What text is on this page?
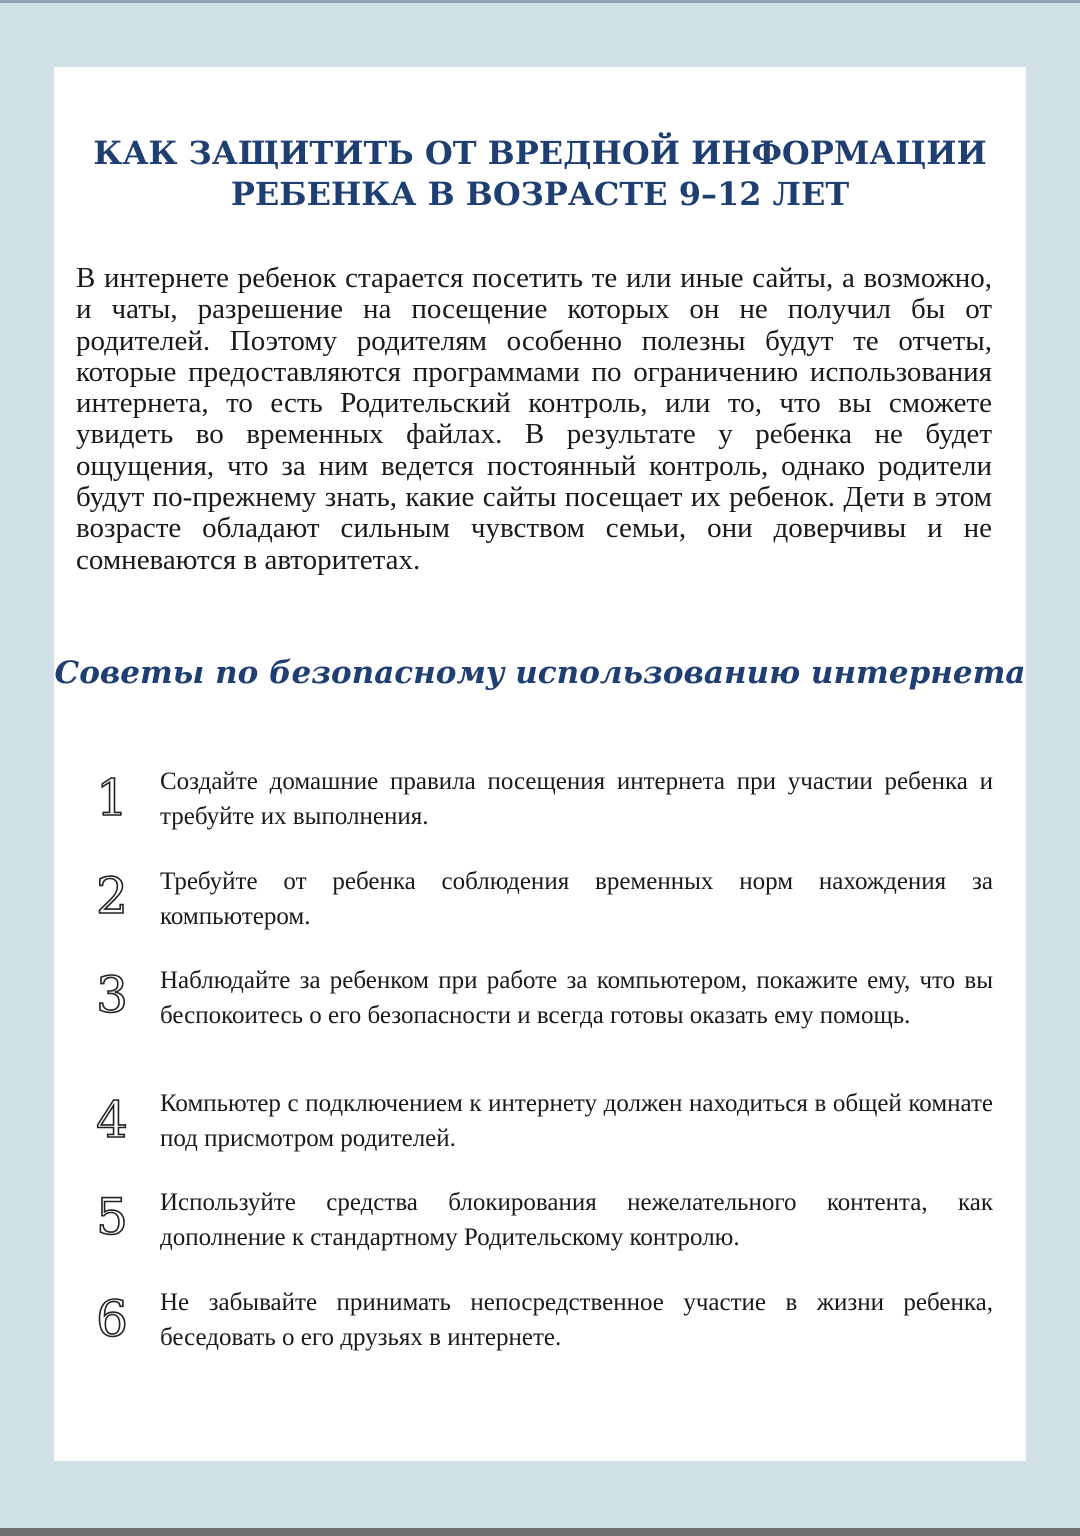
КАК ЗАЩИТИТЬ ОТ ВРЕДНОЙ ИНФОРМАЦИИ
РЕБЕНКА В ВОЗРАСТЕ 9–12 ЛЕТ

В интернете ребенок старается посетить те или иные сайты, а возможно, и чаты, разрешение на посещение которых он не получил бы от родителей. Поэтому родителям особенно полезны будут те отчеты, которые предоставляются программами по ограничению использования интернета, то есть Родительский контроль, или то, что вы сможете увидеть во временных файлах. В результате у ребенка не будет ощущения, что за ним ведется постоянный контроль, однако родители будут по-прежнему знать, какие сайты посещает их ребенок. Дети в этом возрасте обладают сильным чувством семьи, они доверчивы и не сомневаются в авторитетах.

Советы по безопасному использованию интернета
1	Создайте домашние правила посещения интернета при участии ребенка и требуйте их выполнения.

2	Требуйте от ребенка соблюдения временных норм нахождения за компьютером.

3	Наблюдайте за ребенком при работе за компьютером, покажите ему, что вы беспокоитесь о его безопасности и всегда готовы оказать ему помощь.

4	Компьютер с подключением к интернету должен находиться в общей комнате под присмотром родителей.

5	Используйте средства блокирования нежелательного контента, как дополнение к стандартному Родительскому контролю.

6	Не забывайте принимать непосредственное участие в жизни ребенка, беседовать о его друзьях в интернете.
